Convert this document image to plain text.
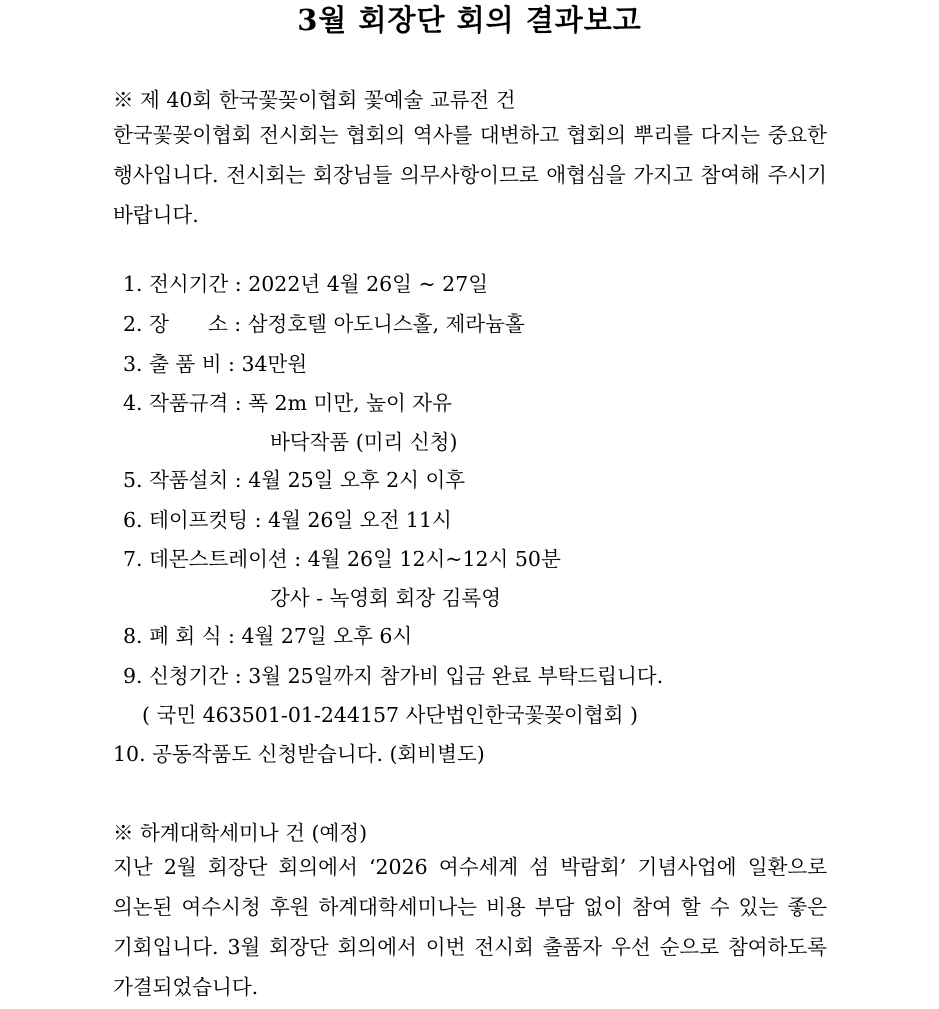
3월 회장단 회의 결과보고
※ 제 40회 한국꽃꽂이협회 꽃예술 교류전 건
한국꽃꽂이협회 전시회는 협회의 역사를 대변하고 협회의 뿌리를 다지는 중요한 행사입니다. 전시회는 회장님들 의무사항이므로 애협심을 가지고 참여해 주시기 바랍니다.
1. 전시기간 : 2022년 4월 26일 ~ 27일
2. 장      소 : 삼정호텔 아도니스홀, 제라늄홀
3. 출 품 비 : 34만원
4. 작품규격 : 폭 2m 미만, 높이 자유
바닥작품 (미리 신청)
5. 작품설치 : 4월 25일 오후 2시 이후
6. 테이프컷팅 : 4월 26일 오전 11시
7. 데몬스트레이션 : 4월 26일 12시~12시 50분
강사 - 녹영회 회장 김록영
8. 폐 회 식 : 4월 27일 오후 6시
9. 신청기간 : 3월 25일까지 참가비 입금 완료 부탁드립니다.
( 국민 463501-01-244157 사단법인한국꽃꽂이협회 )
10. 공동작품도 신청받습니다. (회비별도)
※ 하계대학세미나 건 (예정)
지난 2월 회장단 회의에서 ‘2026 여수세계 섬 박람회’ 기념사업에 일환으로 의논된 여수시청 후원 하계대학세미나는 비용 부담 없이 참여 할 수 있는 좋은 기회입니다. 3월 회장단 회의에서 이번 전시회 출품자 우선 순으로 참여하도록 가결되었습니다.
